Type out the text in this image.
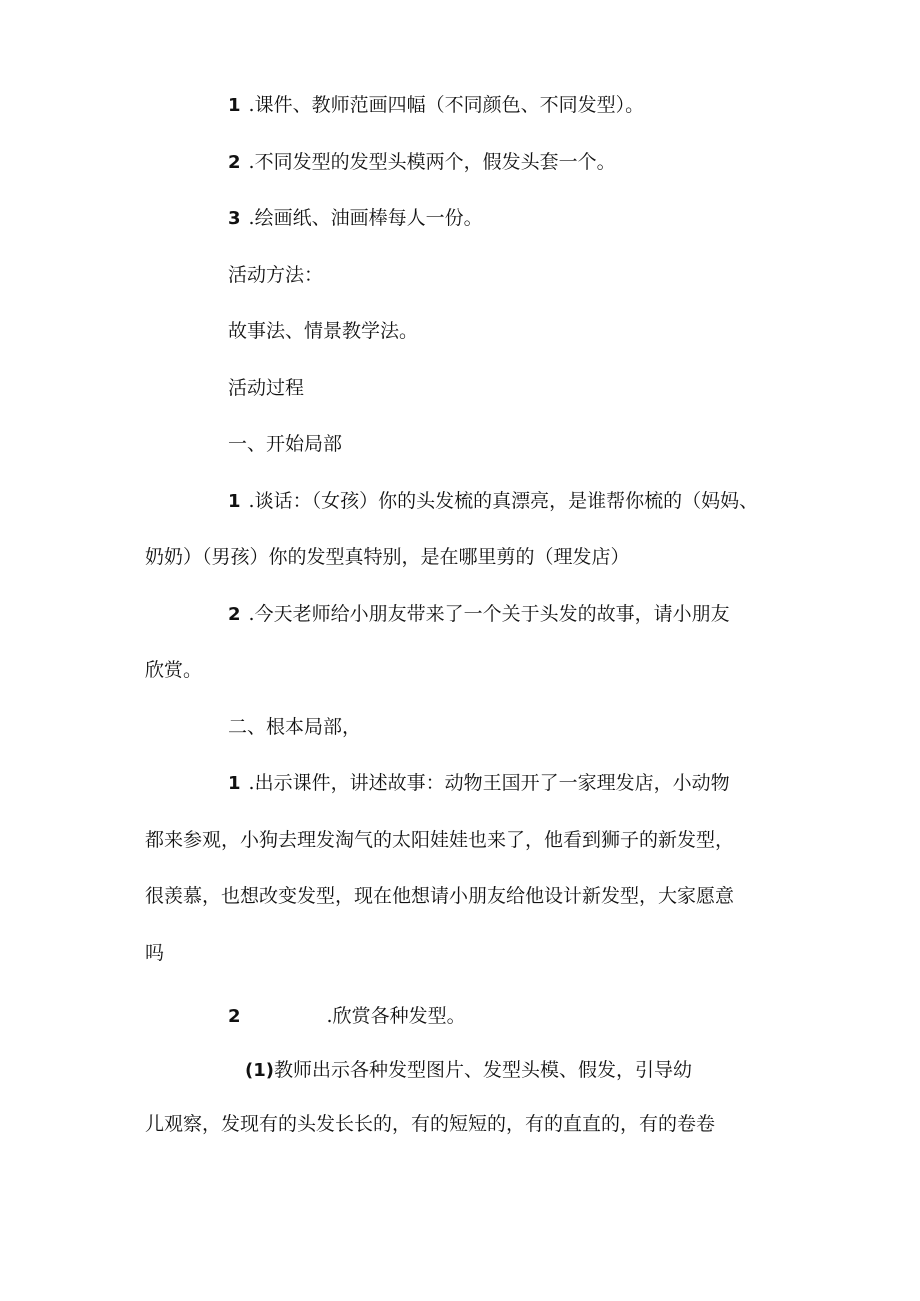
1 .课件、教师范画四幅（不同颜色、不同发型）。

2 .不同发型的发型头模两个，假发头套一个。

3 .绘画纸、油画棒每人一份。

活动方法：

故事法、情景教学法。

活动过程

一、开始局部

1 .谈话：（女孩）你的头发梳的真漂亮，是谁帮你梳的（妈妈、

奶奶）（男孩）你的发型真特别，是在哪里剪的（理发店）

2 .今天老师给小朋友带来了一个关于头发的故事，请小朋友

欣赏。

二、根本局部，

1 .出示课件，讲述故事：动物王国开了一家理发店，小动物

都来参观，小狗去理发淘气的太阳娃娃也来了，他看到狮子的新发型，

很羡慕，也想改变发型，现在他想请小朋友给他设计新发型，大家愿意

吗

2	.欣赏各种发型。

(1)教师出示各种发型图片、发型头模、假发，引导幼

儿观察，发现有的头发长长的，有的短短的，有的直直的，有的卷卷
